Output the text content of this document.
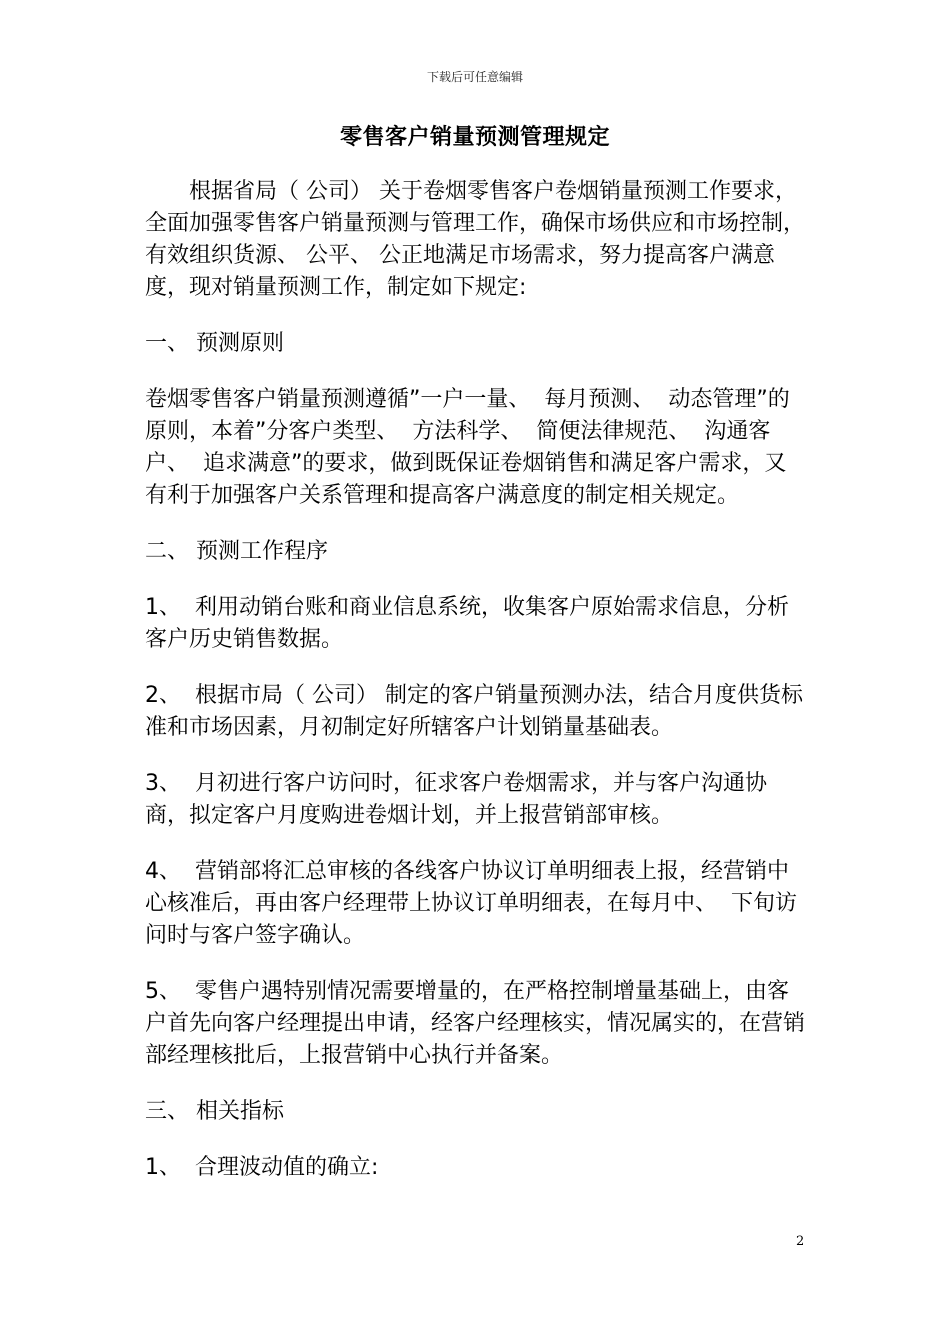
下载后可任意编辑
零售客户销量预测管理规定

根据省局（ 公司） 关于卷烟零售客户卷烟销量预测工作要求，全面加强零售客户销量预测与管理工作，确保市场供应和市场控制，有效组织货源、 公平、 公正地满足市场需求，努力提高客户满意度，现对销量预测工作，制定如下规定:

一、 预测原则

卷烟零售客户销量预测遵循”一户一量、  每月预测、  动态管理”的原则，本着”分客户类型、  方法科学、  简便法律规范、  沟通客户、  追求满意”的要求，做到既保证卷烟销售和满足客户需求，又有利于加强客户关系管理和提高客户满意度的制定相关规定。

二、 预测工作程序

1、  利用动销台账和商业信息系统，收集客户原始需求信息，分析客户历史销售数据。

2、  根据市局（ 公司） 制定的客户销量预测办法，结合月度供货标准和市场因素，月初制定好所辖客户计划销量基础表。

3、  月初进行客户访问时，征求客户卷烟需求，并与客户沟通协商，拟定客户月度购进卷烟计划，并上报营销部审核。

4、  营销部将汇总审核的各线客户协议订单明细表上报，经营销中心核准后，再由客户经理带上协议订单明细表，在每月中、  下旬访问时与客户签字确认。

5、  零售户遇特别情况需要增量的，在严格控制增量基础上，由客户首先向客户经理提出申请，经客户经理核实，情况属实的，在营销部经理核批后，上报营销中心执行并备案。

三、 相关指标

1、  合理波动值的确立:

2
